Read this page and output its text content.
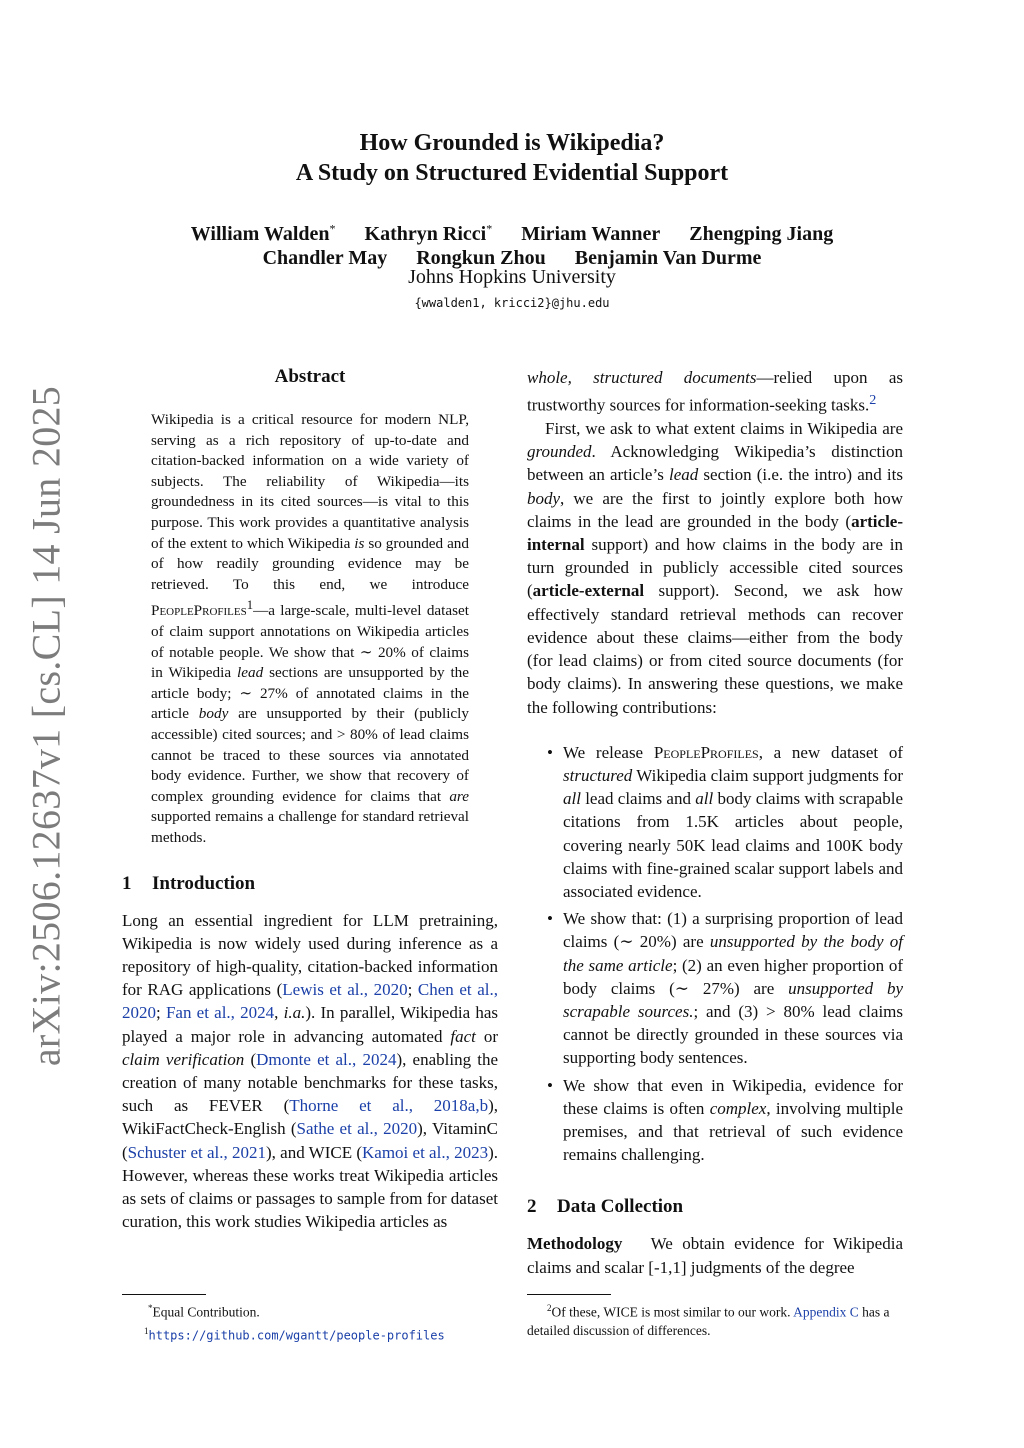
arXiv:2506.12637v1 [cs.CL] 14 Jun 2025
How Grounded is Wikipedia?
A Study on Structured Evidential Support
William Walden* Kathryn Ricci* Miriam Wanner Zhengping Jiang
Chandler May Rongkun Zhou Benjamin Van Durme
Johns Hopkins University
{wwalden1, kricci2}@jhu.edu
Abstract

Wikipedia is a critical resource for modern NLP, serving as a rich repository of up-to-date and citation-backed information on a wide variety of subjects. The reliability of Wikipedia—its groundedness in its cited sources—is vital to this purpose. This work provides a quantitative analysis of the extent to which Wikipedia is so grounded and of how readily grounding evidence may be retrieved. To this end, we introduce PeopleProfiles$^1$—a large-scale, multi-level dataset of claim support annotations on Wikipedia articles of notable people. We show that ∼ 20% of claims in Wikipedia lead sections are unsupported by the article body; ∼ 27% of annotated claims in the article body are unsupported by their (publicly accessible) cited sources; and > 80% of lead claims cannot be traced to these sources via annotated body evidence. Further, we show that recovery of complex grounding evidence for claims that are supported remains a challenge for standard retrieval methods.

1 Introduction

Long an essential ingredient for LLM pretraining, Wikipedia is now widely used during inference as a repository of high-quality, citation-backed information for RAG applications (Lewis et al., 2020; Chen et al., 2020; Fan et al., 2024, i.a.). In parallel, Wikipedia has played a major role in advancing automated fact or claim verification (Dmonte et al., 2024), enabling the creation of many notable benchmarks for these tasks, such as FEVER (Thorne et al., 2018a,b), WikiFactCheck-English (Sathe et al., 2020), VitaminC (Schuster et al., 2021), and WICE (Kamoi et al., 2023). However, whereas these works treat Wikipedia articles as sets of claims or passages to sample from for dataset curation, this work studies Wikipedia articles as

whole, structured documents—relied upon as trustworthy sources for information-seeking tasks.$^2$

First, we ask to what extent claims in Wikipedia are grounded. Acknowledging Wikipedia’s distinction between an article’s lead section (i.e. the intro) and its body, we are the first to jointly explore both how claims in the lead are grounded in the body (article-internal support) and how claims in the body are in turn grounded in publicly accessible cited sources (article-external support). Second, we ask how effectively standard retrieval methods can recover evidence about these claims—either from the body (for lead claims) or from cited source documents (for body claims). In answering these questions, we make the following contributions:

• We release PeopleProfiles, a new dataset of structured Wikipedia claim support judgments for all lead claims and all body claims with scrapable citations from 1.5K articles about people, covering nearly 50K lead claims and 100K body claims with fine-grained scalar support labels and associated evidence.
• We show that: (1) a surprising proportion of lead claims (∼ 20%) are unsupported by the body of the same article; (2) an even higher proportion of body claims (∼ 27%) are unsupported by scrapable sources.; and (3) > 80% lead claims cannot be directly grounded in these sources via supporting body sentences.
• We show that even in Wikipedia, evidence for these claims is often complex, involving multiple premises, and that retrieval of such evidence remains challenging.
2 Data Collection

Methodology We obtain evidence for Wikipedia claims and scalar [-1,1] judgments of the degree

*Equal Contribution.
$^1$https://github.com/wgantt/people-profiles
$^2$Of these, WICE is most similar to our work. Appendix C has a detailed discussion of differences.
